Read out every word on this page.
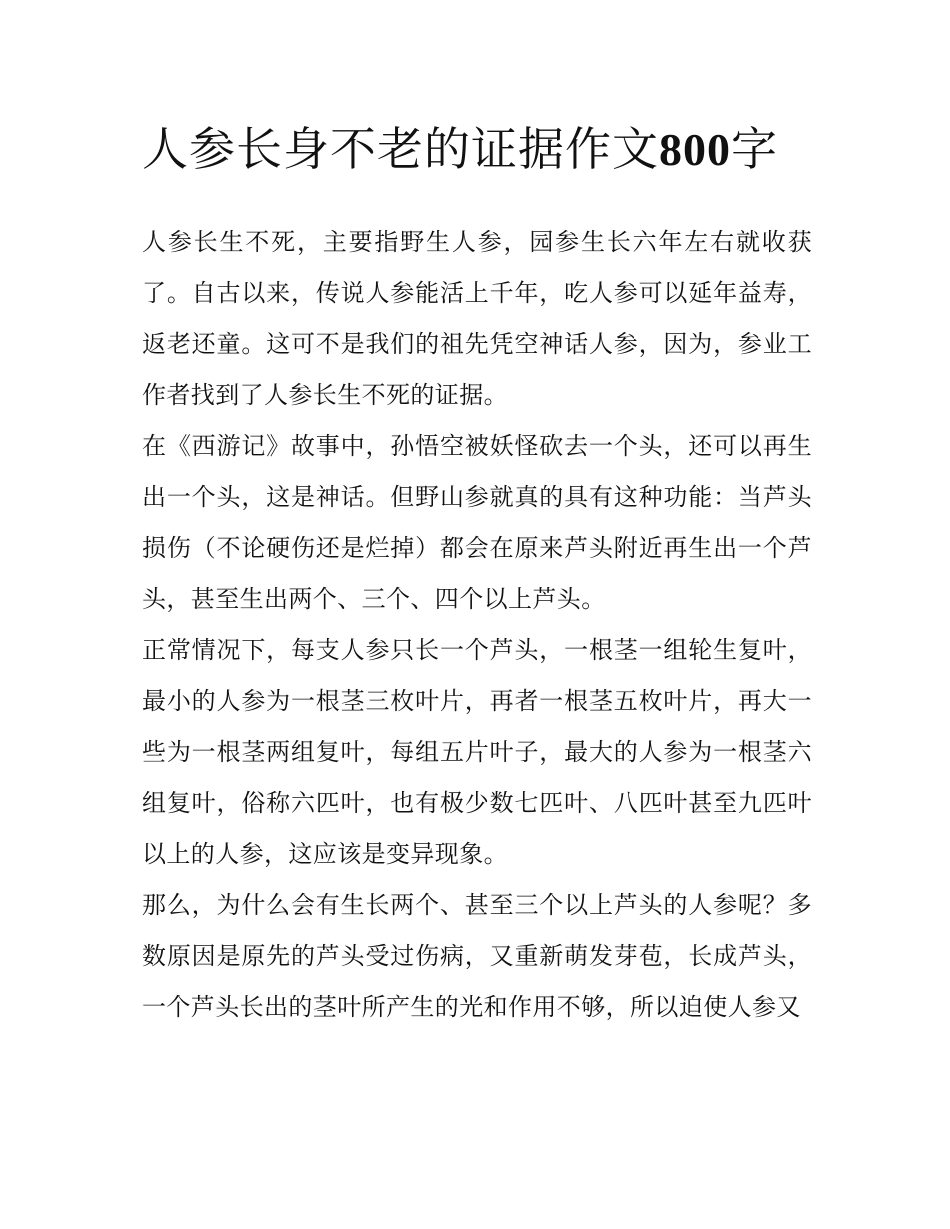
人参长身不老的证据作文800字

人参长生不死，主要指野生人参，园参生长六年左右就收获了。自古以来，传说人参能活上千年，吃人参可以延年益寿，返老还童。这可不是我们的祖先凭空神话人参，因为，参业工作者找到了人参长生不死的证据。

在《西游记》故事中，孙悟空被妖怪砍去一个头，还可以再生出一个头，这是神话。但野山参就真的具有这种功能：当芦头损伤（不论硬伤还是烂掉）都会在原来芦头附近再生出一个芦头，甚至生出两个、三个、四个以上芦头。

正常情况下，每支人参只长一个芦头，一根茎一组轮生复叶，最小的人参为一根茎三枚叶片，再者一根茎五枚叶片，再大一些为一根茎两组复叶，每组五片叶子，最大的人参为一根茎六组复叶，俗称六匹叶，也有极少数七匹叶、八匹叶甚至九匹叶以上的人参，这应该是变异现象。

那么，为什么会有生长两个、甚至三个以上芦头的人参呢？多数原因是原先的芦头受过伤病，又重新萌发芽苞，长成芦头，一个芦头长出的茎叶所产生的光和作用不够，所以迫使人参又
